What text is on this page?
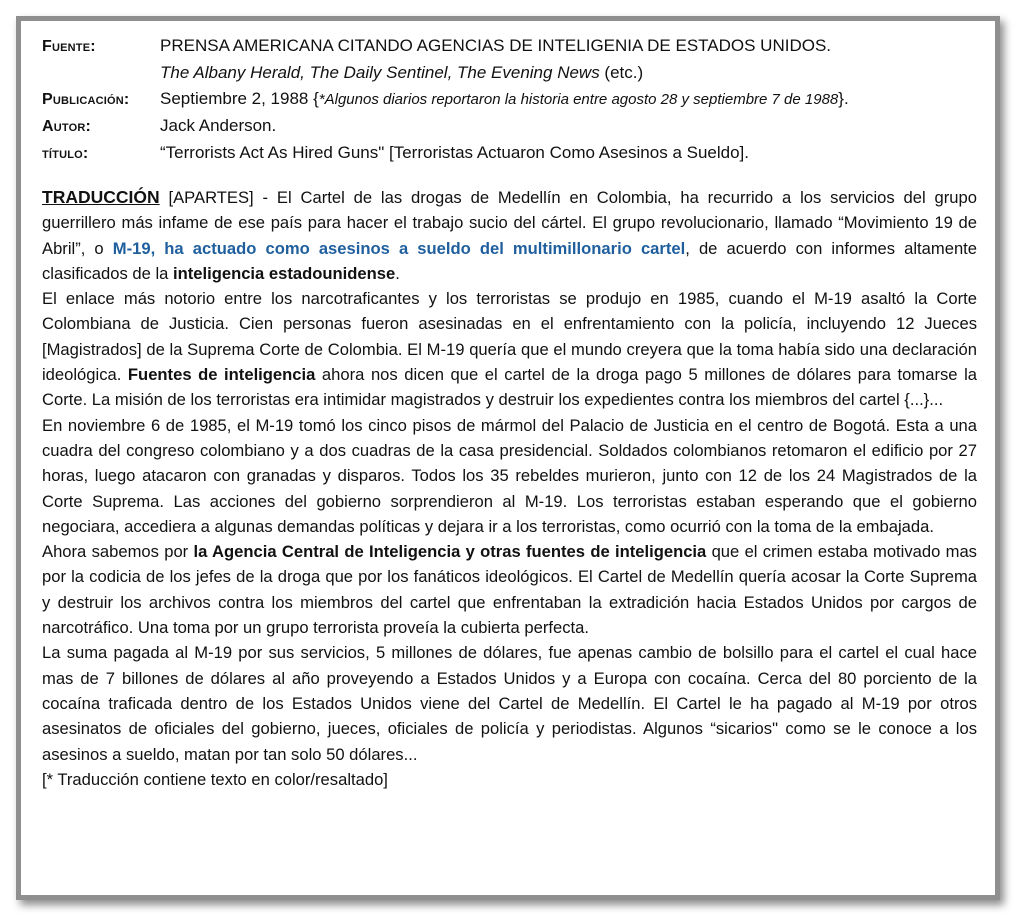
Fuente:	PRENSA AMERICANA CITANDO AGENCIAS DE INTELIGENIA DE ESTADOS UNIDOS.
The Albany Herald, The Daily Sentinel, The Evening News (etc.)
Publicación:	Septiembre 2, 1988 {*Algunos diarios reportaron la historia entre agosto 28 y septiembre 7 de 1988}.
Autor:	Jack Anderson.
título:	“Terrorists Act As Hired Guns" [Terroristas Actuaron Como Asesinos a Sueldo].

TRADUCCIÓN [APARTES] - El Cartel de las drogas de Medellín en Colombia, ha recurrido a los servicios del grupo guerrillero más infame de ese país para hacer el trabajo sucio del cártel. El grupo revolucionario, llamado “Movimiento 19 de Abril”, o M-19, ha actuado como asesinos a sueldo del multimillonario cartel, de acuerdo con informes altamente clasificados de la inteligencia estadounidense.

El enlace más notorio entre los narcotraficantes y los terroristas se produjo en 1985, cuando el M-19 asaltó la Corte Colombiana de Justicia. Cien personas fueron asesinadas en el enfrentamiento con la policía, incluyendo 12 Jueces [Magistrados] de la Suprema Corte de Colombia. El M-19 quería que el mundo creyera que la toma había sido una declaración ideológica. Fuentes de inteligencia ahora nos dicen que el cartel de la droga pago 5 millones de dólares para tomarse la Corte. La misión de los terroristas era intimidar magistrados y destruir los expedientes contra los miembros del cartel {...}...

En noviembre 6 de 1985, el M-19 tomó los cinco pisos de mármol del Palacio de Justicia en el centro de Bogotá. Esta a una cuadra del congreso colombiano y a dos cuadras de la casa presidencial. Soldados colombianos retomaron el edificio por 27 horas, luego atacaron con granadas y disparos. Todos los 35 rebeldes murieron, junto con 12 de los 24 Magistrados de la Corte Suprema. Las acciones del gobierno sorprendieron al M-19. Los terroristas estaban esperando que el gobierno negociara, accediera a algunas demandas políticas y dejara ir a los terroristas, como ocurrió con la toma de la embajada.

Ahora sabemos por la Agencia Central de Inteligencia y otras fuentes de inteligencia que el crimen estaba motivado mas por la codicia de los jefes de la droga que por los fanáticos ideológicos. El Cartel de Medellín quería acosar la Corte Suprema y destruir los archivos contra los miembros del cartel que enfrentaban la extradición hacia Estados Unidos por cargos de narcotráfico. Una toma por un grupo terrorista proveía la cubierta perfecta.

La suma pagada al M-19 por sus servicios, 5 millones de dólares, fue apenas cambio de bolsillo para el cartel el cual hace mas de 7 billones de dólares al año proveyendo a Estados Unidos y a Europa con cocaína. Cerca del 80 porciento de la cocaína traficada dentro de los Estados Unidos viene del Cartel de Medellín. El Cartel le ha pagado al M-19 por otros asesinatos de oficiales del gobierno, jueces, oficiales de policía y periodistas. Algunos “sicarios" como se le conoce a los asesinos a sueldo, matan por tan solo 50 dólares...

[* Traducción contiene texto en color/resaltado]
